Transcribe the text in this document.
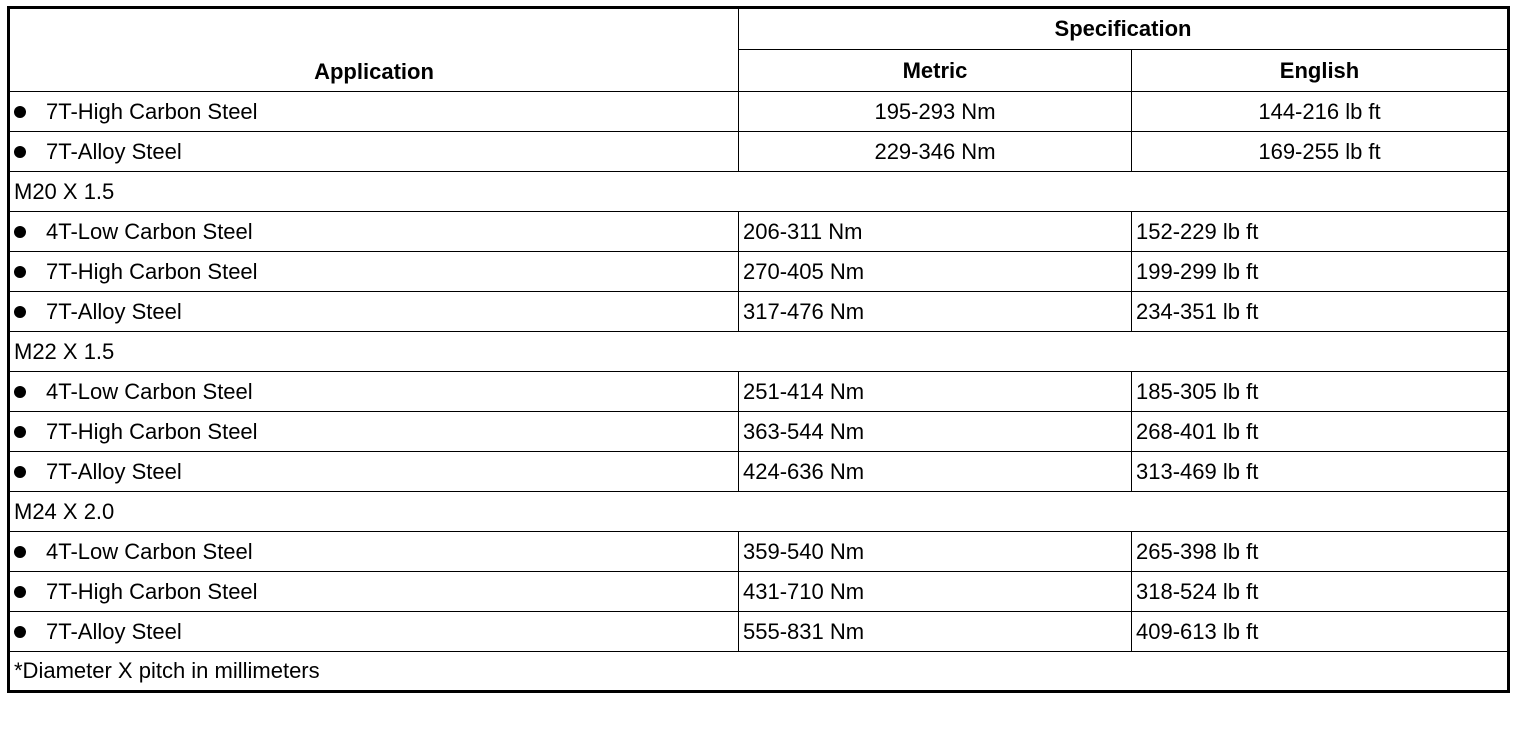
Application	Specification	
	Metric	English
7T-High Carbon Steel	195-293 Nm	144-216 lb ft
7T-Alloy Steel	229-346 Nm	169-255 lb ft
M20 X 1.5		
4T-Low Carbon Steel	206-311 Nm	152-229 lb ft
7T-High Carbon Steel	270-405 Nm	199-299 lb ft
7T-Alloy Steel	317-476 Nm	234-351 lb ft
M22 X 1.5		
4T-Low Carbon Steel	251-414 Nm	185-305 lb ft
7T-High Carbon Steel	363-544 Nm	268-401 lb ft
7T-Alloy Steel	424-636 Nm	313-469 lb ft
M24 X 2.0		
4T-Low Carbon Steel	359-540 Nm	265-398 lb ft
7T-High Carbon Steel	431-710 Nm	318-524 lb ft
7T-Alloy Steel	555-831 Nm	409-613 lb ft
*Diameter X pitch in millimeters		
